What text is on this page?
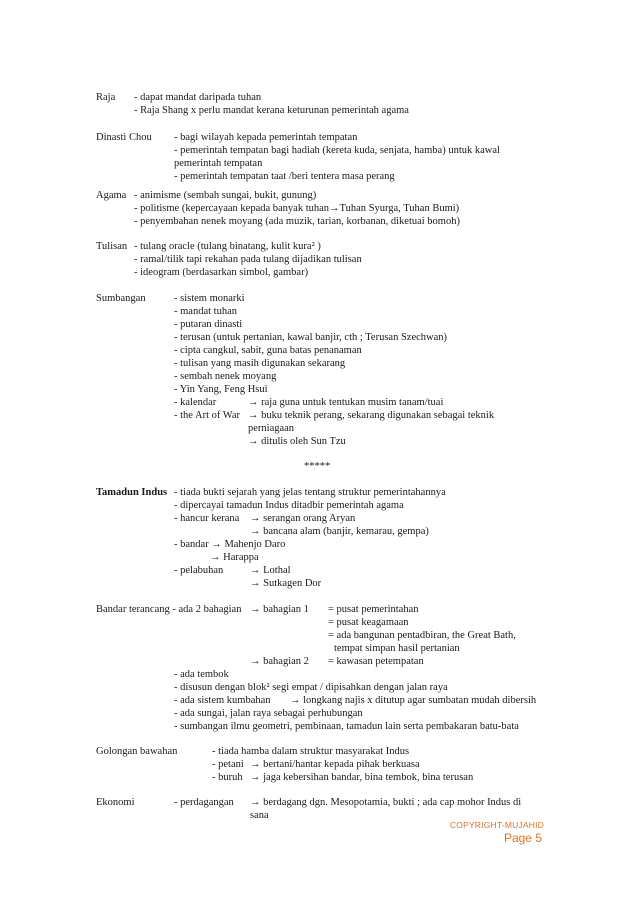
Raja - dapat mandat daripada tuhan
- Raja Shang x perlu mandat kerana keturunan pemerintah agama
Dinasti Chou - bagi wilayah kepada pemerintah tempatan
- pemerintah tempatan bagi hadiah (kereta kuda, senjata, hamba) untuk kawal
pemerintah tempatan
- pemerintah tempatan taat /beri tentera masa perang
Agama - animisme (sembah sungai, bukit, gunung)
- politisme (kepercayaan kepada banyak tuhan→Tuhan Syurga, Tuhan Bumi)
- penyembahan nenek moyang (ada muzik, tarian, korbanan, diketuai bomoh)
Tulisan - tulang oracle (tulang binatang, kulit kura² )
- ramal/tilik tapi rekahan pada tulang dijadikan tulisan
- ideogram (berdasarkan simbol, gambar)
Sumbangan	- sistem monarki
- mandat tuhan
- putaran dinasti
- terusan (untuk pertanian, kawal banjir, cth ; Terusan Szechwan)
- cipta cangkul, sabit, guna batas penanaman
- tulisan yang masih digunakan sekarang
- sembah nenek moyang
- Yin Yang, Feng Hsui
- kalendar	→ raja guna untuk tentukan musim tanam/tuai
- the Art of War → buku teknik perang, sekarang digunakan sebagai teknik
perniagaan
→ ditulis oleh Sun Tzu
*****
Tamadun Indus - tiada bukti sejarah yang jelas tentang struktur pemerintahannya
- dipercayai tamadun Indus ditadbir pemerintah agama
- hancur kerana → serangan orang Aryan
→ bancana alam (banjir, kemarau, gempa)
- bandar → Mahenjo Daro
→ Harappa
- pelabuhan	→ Lothal
→ Sutkagen Dor
Bandar terancang - ada 2 bahagian → bahagian 1 = pusat pemerintahan
= pusat keagamaan
= ada bangunan pentadbiran, the Great Bath,
tempat simpan hasil pertanian
→ bahagian 2 = kawasan petempatan
- ada tembok
- disusun dengan blok² segi empat / dipisahkan dengan jalan raya
- ada sistem kumbahan → longkang najis x ditutup agar sumbatan mudah dibersih
- ada sungai, jalan raya sebagai perhubungan
- sumbangan ilmu geometri, pembinaan, tamadun lain serta pembakaran batu-bata
Golongan bawahan	- tiada hamba dalam struktur masyarakat Indus
- petani → bertani/hantar kepada pihak berkuasa
- buruh → jaga kebersihan bandar, bina tembok, bina terusan
Ekonomi	- perdagangan → berdagang dgn. Mesopotamia, bukti ; ada cap mohor Indus di
sana
COPYRIGHT-MUJAHID
Page 5
